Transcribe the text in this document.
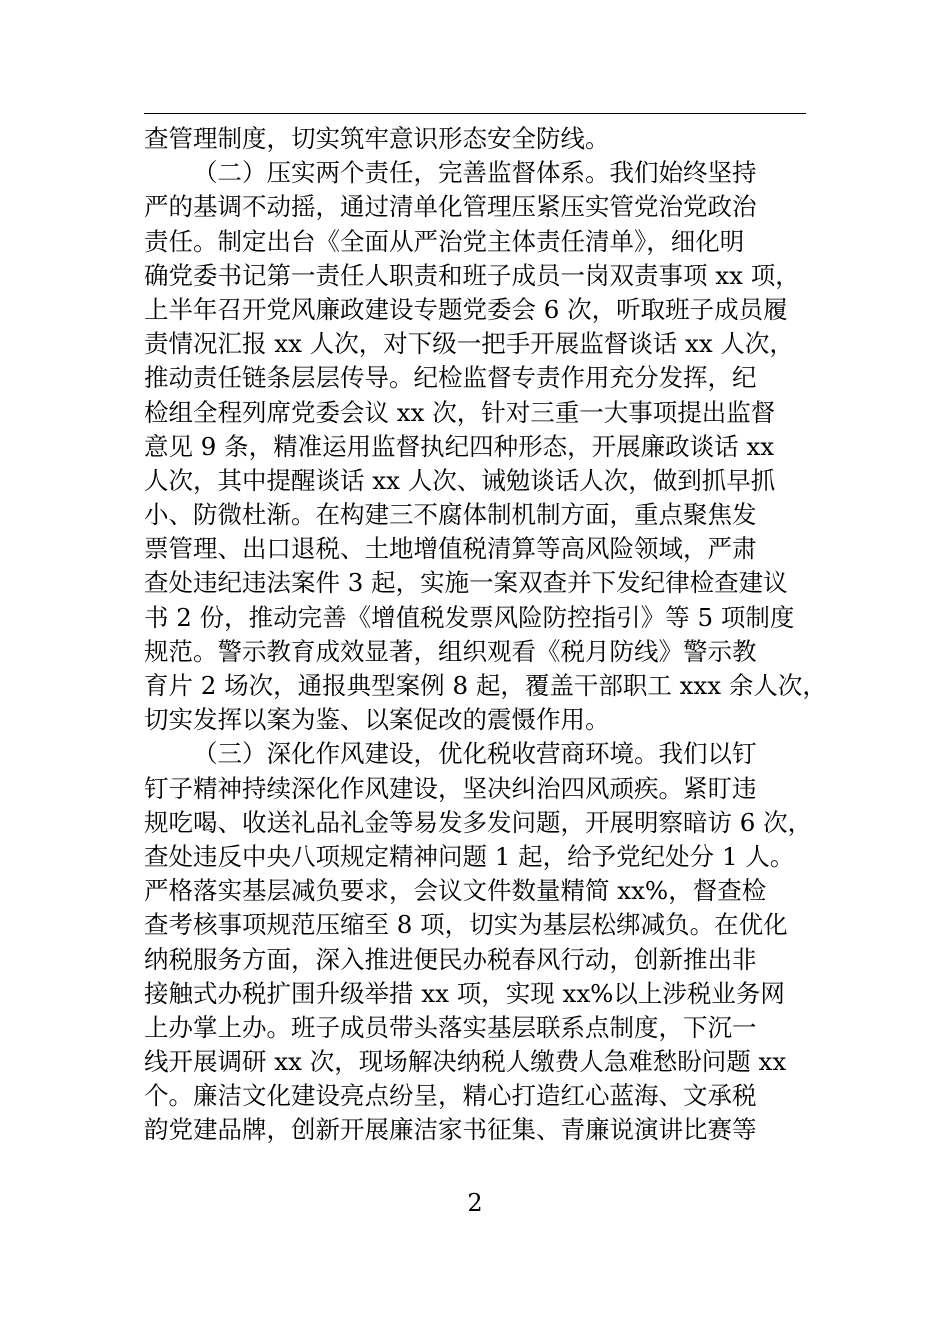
查管理制度，切实筑牢意识形态安全防线。
（二）压实两个责任，完善监督体系。我们始终坚持
严的基调不动摇，通过清单化管理压紧压实管党治党政治
责任。制定出台《全面从严治党主体责任清单》，细化明
确党委书记第一责任人职责和班子成员一岗双责事项 xx 项，
上半年召开党风廉政建设专题党委会 6 次，听取班子成员履
责情况汇报 xx 人次，对下级一把手开展监督谈话 xx 人次，
推动责任链条层层传导。纪检监督专责作用充分发挥，纪
检组全程列席党委会议 xx 次，针对三重一大事项提出监督
意见 9 条，精准运用监督执纪四种形态，开展廉政谈话 xx
人次，其中提醒谈话 xx 人次、诫勉谈话人次，做到抓早抓
小、防微杜渐。在构建三不腐体制机制方面，重点聚焦发
票管理、出口退税、土地增值税清算等高风险领域，严肃
查处违纪违法案件 3 起，实施一案双查并下发纪律检查建议
书 2 份，推动完善《增值税发票风险防控指引》等 5 项制度
规范。警示教育成效显著，组织观看《税月防线》警示教
育片 2 场次，通报典型案例 8 起，覆盖干部职工 xxx 余人次，
切实发挥以案为鉴、以案促改的震慑作用。
（三）深化作风建设，优化税收营商环境。我们以钉
钉子精神持续深化作风建设，坚决纠治四风顽疾。紧盯违
规吃喝、收送礼品礼金等易发多发问题，开展明察暗访 6 次，
查处违反中央八项规定精神问题 1 起，给予党纪处分 1 人。
严格落实基层减负要求，会议文件数量精简 xx%，督查检
查考核事项规范压缩至 8 项，切实为基层松绑减负。在优化
纳税服务方面，深入推进便民办税春风行动，创新推出非
接触式办税扩围升级举措 xx 项，实现 xx%以上涉税业务网
上办掌上办。班子成员带头落实基层联系点制度，下沉一
线开展调研 xx 次，现场解决纳税人缴费人急难愁盼问题 xx
个。廉洁文化建设亮点纷呈，精心打造红心蓝海、文承税
韵党建品牌，创新开展廉洁家书征集、青廉说演讲比赛等
2
